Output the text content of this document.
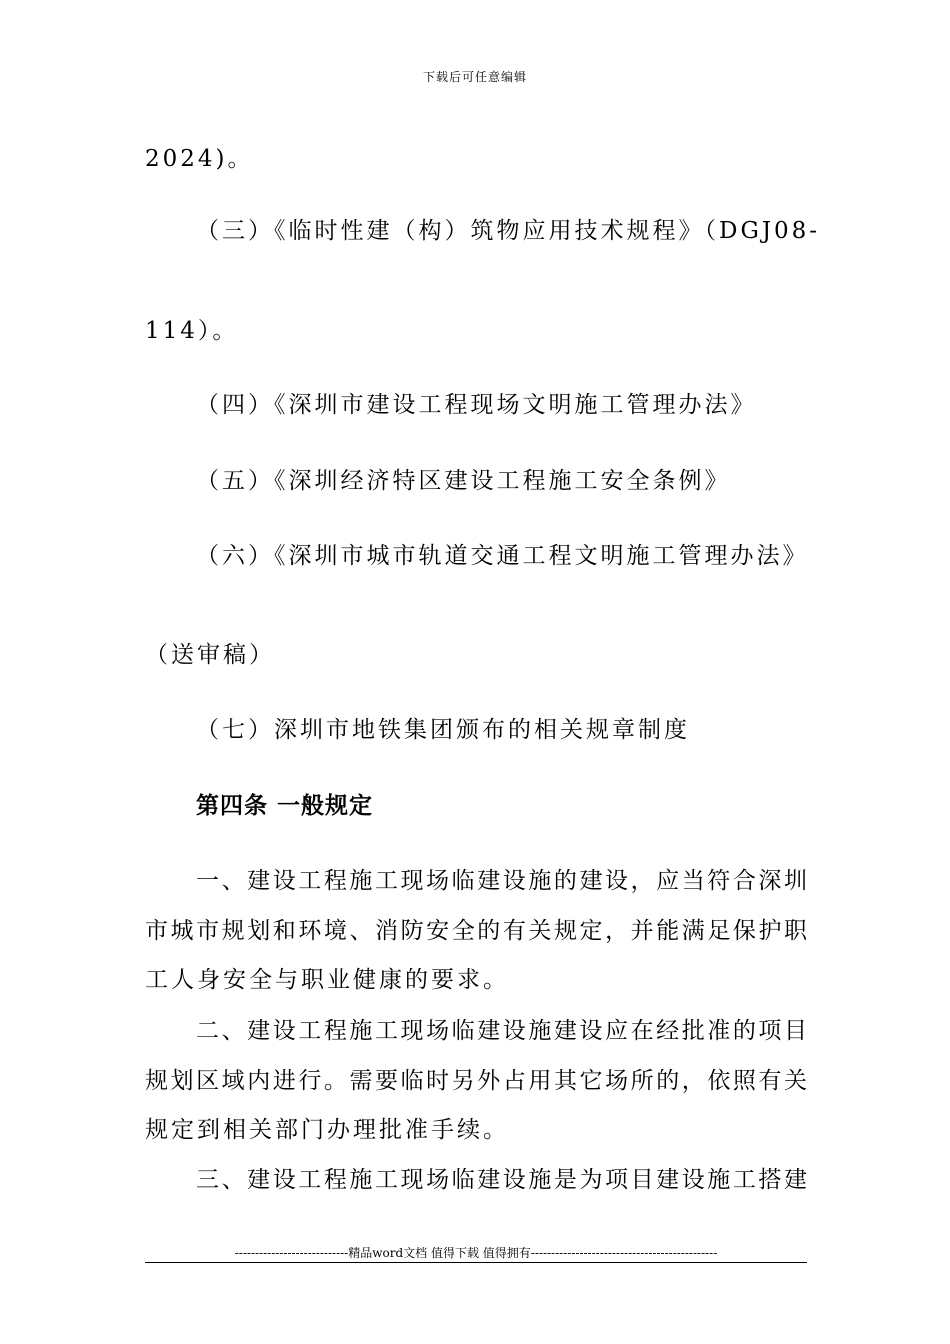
下载后可任意编辑
2024)。
（三）《临时性建（构）筑物应用技术规程》（DGJ08-
114）。
（四）《深圳市建设工程现场文明施工管理办法》
（五）《深圳经济特区建设工程施工安全条例》
（六）《深圳市城市轨道交通工程文明施工管理办法》
（送审稿）
（七）深圳市地铁集团颁布的相关规章制度
第四条 一般规定
一、建设工程施工现场临建设施的建设，应当符合深圳
市城市规划和环境、消防安全的有关规定，并能满足保护职
工人身安全与职业健康的要求。
二、建设工程施工现场临建设施建设应在经批准的项目
规划区域内进行。需要临时另外占用其它场所的，依照有关
规定到相关部门办理批准手续。
三、建设工程施工现场临建设施是为项目建设施工搭建
----------------------------精品word文档 值得下载 值得拥有----------------------------------------------
